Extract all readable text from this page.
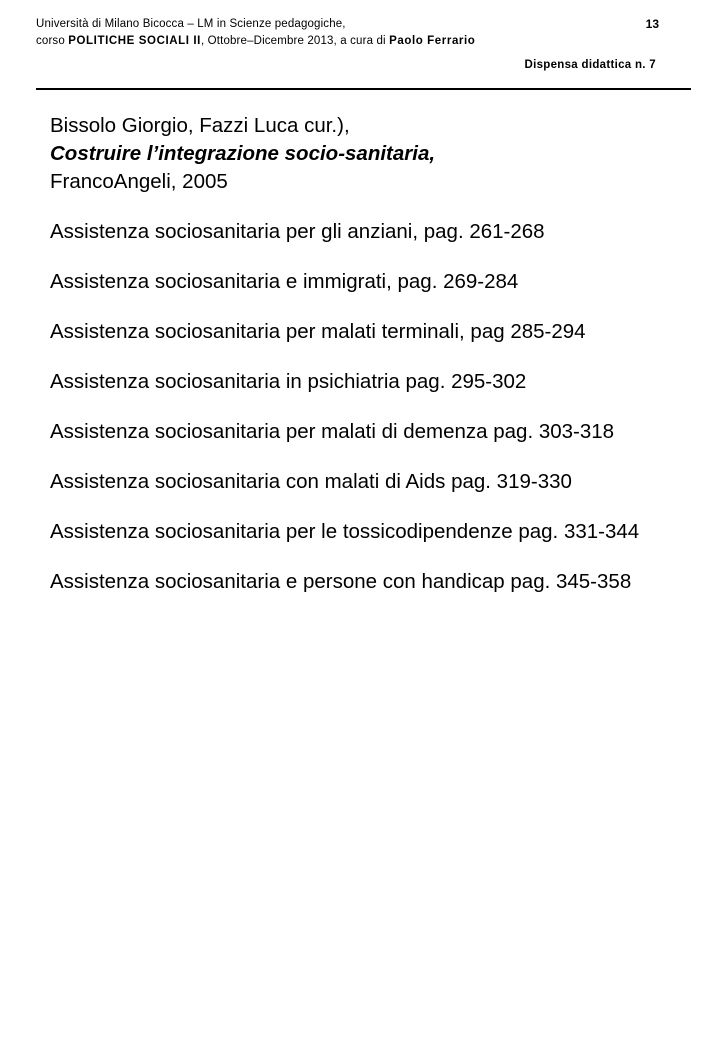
Università di Milano Bicocca – LM in Scienze pedagogiche,
corso POLITICHE SOCIALI II, Ottobre–Dicembre 2013, a cura di Paolo Ferrario
13
Dispensa didattica n. 7
Bissolo Giorgio, Fazzi Luca cur.),
Costruire l’integrazione socio-sanitaria,
FrancoAngeli, 2005
Assistenza sociosanitaria per gli anziani, pag. 261-268
Assistenza sociosanitaria e immigrati, pag. 269-284
Assistenza sociosanitaria per malati terminali, pag 285-294
Assistenza sociosanitaria in psichiatria pag. 295-302
Assistenza sociosanitaria per malati di demenza pag. 303-318
Assistenza sociosanitaria con malati di Aids pag. 319-330
Assistenza sociosanitaria per le tossicodipendenze pag. 331-344
Assistenza sociosanitaria e persone con handicap pag. 345-358
